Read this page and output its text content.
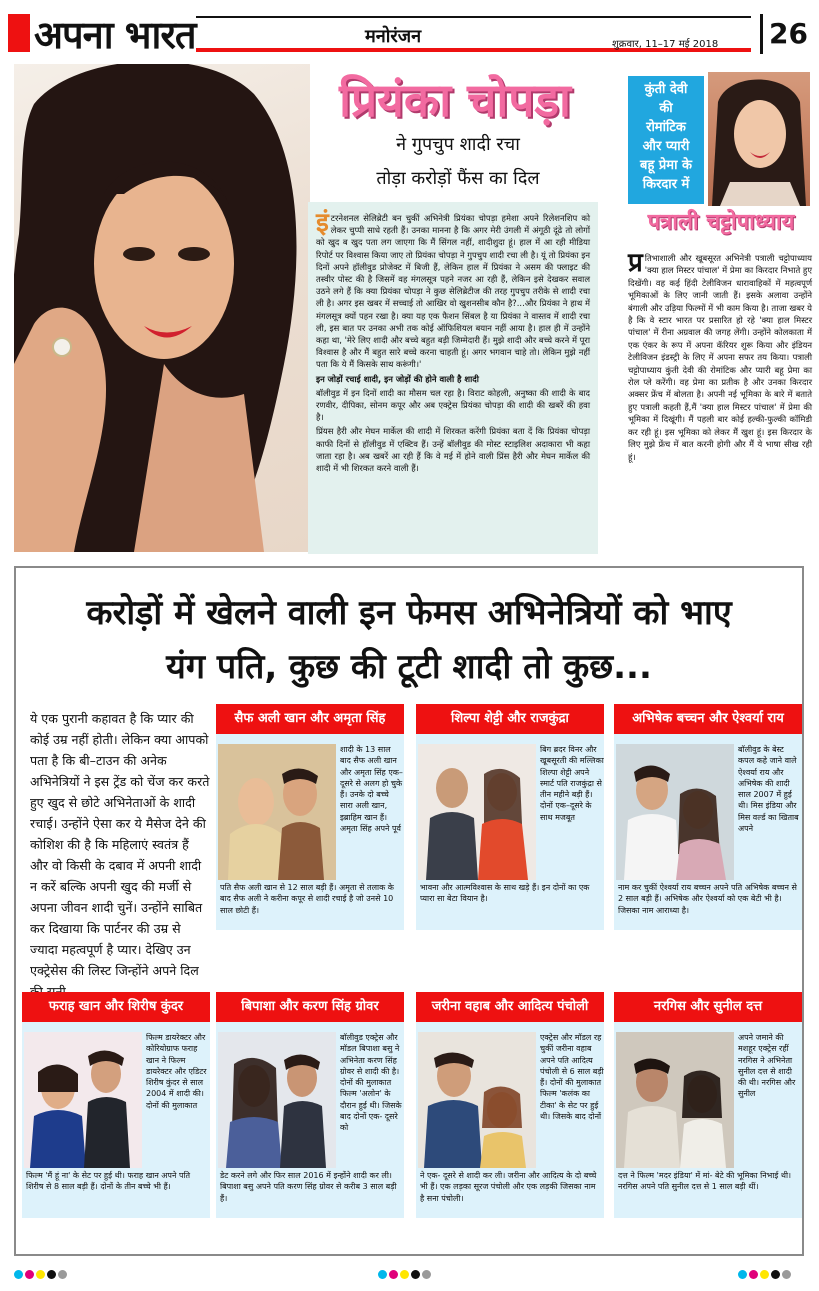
अपना भारत	मनोरंजन	शुक्रवार, 11–17 मई 2018	26
प्रियंका चोपड़ा
ने गुपचुप शादी रचा
तोड़ा करोड़ों फैंस का दिल

इंटरनेशनल सेलिब्रेटी बन चुकीं अभिनेत्री प्रियंका चोपड़ा हमेशा अपने रिलेशनशिप को लेकर चुप्पी साधे रहती हैं। उनका मानना है कि अगर मेरी उंगली में अंगूठी दूंढे तो लोगों को खुद ब खुद पता लग जाएगा कि मैं सिंगल नहीं, शादीशुदा हूं। हाल में आ रही मीडिया रिपोर्ट पर विश्वास किया जाए तो प्रियंका चोपड़ा ने गुपचुप शादी रचा ली है। यूं तो प्रियंका इन दिनों अपने हॉलीवुड प्रोजेक्ट में बिजी हैं, लेकिन हाल में प्रियंका ने असम की फ्लाइट की तस्वीर पोस्ट की है जिसमें वह मंगलसूत्र पहने नजर आ रही हैं, लेकिन इसे देखकर सवाल उठने लगे हैं कि क्या प्रियंका चोपड़ा ने कुछ सेलिब्रेटीज की तरह गुपचुप तरीके से शादी रचा ली है। अगर इस खबर में सच्चाई तो आखिर वो खुशनसीब कौन है?...और प्रियंका ने हाथ में मंगलसूत्र क्यों पहन रखा है। क्या यह एक फैशन सिंबल है या प्रियंका ने वास्तव में शादी रचा ली, इस बात पर उनका अभी तक कोई ऑफिशियल बयान नहीं आया है। हाल ही में उन्होंने कहा था, 'मेरे लिए शादी और बच्चे बहुत बड़ी जिम्मेदारी हैं। मुझे शादी और बच्चे करने में पूरा विश्वास है और मैं बहुत सारे बच्चे करना चाहती हूं। अगर भगवान चाहे तो। लेकिन मुझे नहीं पता कि ये मैं किसके साथ करूंगी।'

इन जोड़ों रचाई शादी, इन जोड़ों की होने वाली है शादी

बॉलीवुड में इन दिनों शादी का मौसम चल रहा है। विराट कोहली, अनुष्का की शादी के बाद रणवीर, दीपिका, सोनम कपूर और अब एक्ट्रेस प्रियंका चोपड़ा की शादी की खबरें की हवा है।

प्रिंयस हैरी और मेघन मार्केल की शादी में शिरकत करेंगी प्रियंका बता दें कि प्रियंका चोपड़ा काफी दिनों से हॉलीवुड में एक्टिव हैं। उन्हें बॉलीवुड की मोस्ट स्टाइलिश अदाकारा भी कहा जाता रहा है। अब खबरें आ रही हैं कि वे मई में होने वाली प्रिंस हैरी और मेघन मार्केल की शादी में भी शिरकत करने वाली हैं।

कुंती देवी
की
रोमांटिक
और प्यारी
बहू प्रेमा के
किरदार में
पत्राली चट्टोपाध्याय
प्र तिभाशाली और खूबसूरत अभिनेत्री पत्राली चट्टोपाध्याय 'क्या हाल मिस्टर पांचाल' में प्रेमा का किरदार निभाते हुए दिखेंगी। वह कई हिंदी टेलीविजन धारावाहिकों में महत्वपूर्ण भूमिकाओं के लिए जानी जाती हैं। इसके अलावा उन्होंने बंगाली और उड़िया फिल्मों में भी काम किया है। ताजा खबर ये है कि वे स्टार भारत पर प्रसारित हो रहे 'क्या हाल मिस्टर पांचाल' में रीना अग्रवाल की जगह लेंगी। उन्होंने कोलकाता में एक एंकर के रूप में अपना कॅरियर शुरू किया और इंडियन टेलीविजन इंडस्ट्री के लिए में अपना सफर तय किया। पत्राली चट्टोपाध्याय कुंती देवी की रोमांटिक और प्यारी बहू प्रेमा का रोल प्ले करेंगी। वह प्रेमा का प्रतीक है और उनका किरदार अक्सर फ्रेंच में बोलता है। अपनी नई भूमिका के बारे में बताते हुए पत्राली कहती हैं,मैं 'क्या हाल मिस्टर पांचाल' में प्रेमा की भूमिका में दिखूंगी। मैं पहली बार कोई हल्की-फुल्की कॉमिडी कर रही हूं। इस भूमिका को लेकर मैं खुश हूं। इस किरदार के लिए मुझे फ्रेंच में बात करनी होगी और मैं ये भाषा सीख रही हूं।
करोड़ों में खेलने वाली इन फेमस अभिनेत्रियों को भाए
यंग पति, कुछ की टूटी शादी तो कुछ...
ये एक पुरानी कहावत है कि प्यार की कोई उम्र नहीं होती। लेकिन क्या आपको पता है कि बी–टाउन की अनेक अभिनेत्रियों ने इस ट्रेंड को चेंज कर करते हुए खुद से छोटे अभिनेताओं के शादी रचाई। उन्होंने ऐसा कर ये मैसेज देने की कोशिश की है कि महिलाएं स्वतंत्र हैं और वो किसी के दबाव में अपनी शादी न करें बल्कि अपनी खुद की मर्जी से अपना जीवन शादी चुनें। उन्होंने साबित कर दिखाया कि पार्टनर की उम्र से ज्यादा महत्वपूर्ण है प्यार। देखिए उन एक्ट्रेसेस की लिस्ट जिन्होंने अपने दिल
सैफ अली खान और अमृता सिंह
शादी के 13 साल बाद सैफ अली खान और अमृता सिंह एक–दूसरे से अलग हो चुके हैं। उनके दो बच्चे सारा अली खान, इब्राहिम खान हैं। अमृता सिंह अपने पूर्व
पति सैफ अली खान से 12 साल बड़ी हैं। अमृता से तलाक के बाद सैफ अली ने करीना कपूर से शादी रचाई है जो उनसे 10 साल छोटी हैं।
शिल्पा शेट्टी और राजकुंद्रा
बिग ब्रदर विनर और खूबसूरती की मल्लिका शिल्पा शेट्टी अपने स्मार्ट पति राजकुंद्रा से तीन महीने बड़ी हैं। दोनों एक–दूसरे के साथ मजबूत
भावना और आत्मविश्वास के साथ खड़े हैं। इन दोनों का एक प्यारा सा बेटा वियान है।
अभिषेक बच्चन और ऐश्वर्या राय
बॉलीवुड के बेस्ट कपल कहे जाने वाले ऐश्वर्या राय और अभिषेक की शादी साल 2007 में हुई थी। मिस इंडिया और मिस वर्ल्ड का खिताब अपने
नाम कर चुकीं ऐश्वर्या राय बच्चन अपने पति अभिषेक बच्चन से 2 साल बड़ी हैं। अभिषेक और ऐश्वर्या को एक बेटी भी है। जिसका नाम आराध्या है।
फराह खान और शिरीष कुंदर
फिल्म डायरेक्टर और कोरियोग्राफ फराह खान ने फिल्म डायरेक्टर और एडिटर शिरीष कुंदर से साल 2004 में शादी की। दोनों की मुलाकात
फिल्म 'मैं हूं ना' के सेट पर हुई थी। फराह खान अपने पति शिरीष से 8 साल बड़ी हैं। दोनों के तीन बच्चे भी हैं।
बिपाशा और करण सिंह ग्रोवर
बॉलीवुड एक्ट्रेस और मॉडल बिपाशा बसु ने अभिनेता करण सिंह ग्रोवर से शादी की है। दोनों की मुलाकात फिल्म 'अलोन' के दौरान हुई थी। जिसके बाद दोनों एक- दूसरे को
डेट करने लगे और फिर साल 2016 में इन्होंने शादी कर ली। बिपाशा बसु अपने पति करण सिंह ग्रोवर से करीब 3 साल बड़ी हैं।
जरीना वहाब और आदित्य पंचोली
एक्ट्रेस और मॉडल रह चुकीं जरीना वहाब अपने पति आदित्य पंचोली से 6 साल बड़ी हैं। दोनों की मुलाकात फिल्म 'कलंक का टीका' के सेट पर हुई थी। जिसके बाद दोनों
ने एक- दूसरे से शादी कर ली। जरीना और आदित्य के दो बच्चे भी हैं। एक लड़का सूरज पंचोली और एक लड़की जिसका नाम है सना पंचोली।
नरगिस और सुनील दत्त
अपने जमाने की मशहूर एक्ट्रेस रहीं नरगिस ने अभिनेता सुनील दत्त से शादी की थी। नरगिस और सुनील
दत्त ने फिल्म 'मदर इंडिया' में मां- बेटे की भूमिका निभाई थी। नरगिस अपने पति सुनील दत्त से 1 साल बड़ी थीं।
